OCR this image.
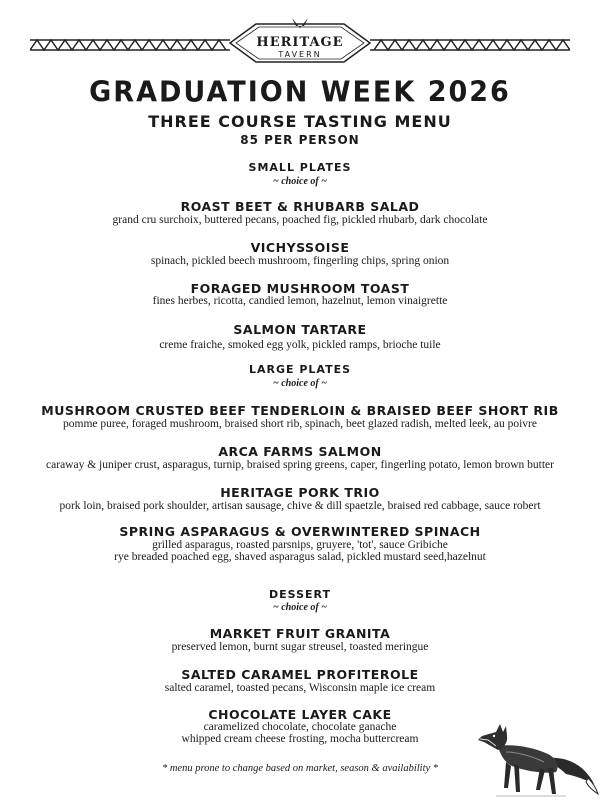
HERITAGE
TAVERN
GRADUATION WEEK 2026
THREE COURSE TASTING MENU
85 PER PERSON
SMALL PLATES
~ choice of ~
ROAST BEET & RHUBARB SALAD
grand cru surchoix, buttered pecans, poached fig, pickled rhubarb, dark chocolate
VICHYSSOISE
spinach, pickled beech mushroom, fingerling chips, spring onion
FORAGED MUSHROOM TOAST
fines herbes, ricotta, candied lemon, hazelnut, lemon vinaigrette
SALMON TARTARE
creme fraiche, smoked egg yolk, pickled ramps, brioche tuile
LARGE PLATES
~ choice of ~
MUSHROOM CRUSTED BEEF TENDERLOIN & BRAISED BEEF SHORT RIB
pomme puree, foraged mushroom, braised short rib, spinach, beet glazed radish, melted leek, au poivre
ARCA FARMS SALMON
caraway & juniper crust, asparagus, turnip, braised spring greens, caper, fingerling potato, lemon brown butter
HERITAGE PORK TRIO
pork loin, braised pork shoulder, artisan sausage, chive & dill spaetzle, braised red cabbage, sauce robert
SPRING ASPARAGUS & OVERWINTERED SPINACH
grilled asparagus, roasted parsnips, gruyere, 'tot', sauce Gribiche
rye breaded poached egg, shaved asparagus salad, pickled mustard seed,hazelnut
DESSERT
~ choice of ~
MARKET FRUIT GRANITA
preserved lemon, burnt sugar streusel, toasted meringue
SALTED CARAMEL PROFITEROLE
salted caramel, toasted pecans, Wisconsin maple ice cream
CHOCOLATE LAYER CAKE
caramelized chocolate, chocolate ganache
whipped cream cheese frosting, mocha buttercream
* menu prone to change based on market, season & availability *
